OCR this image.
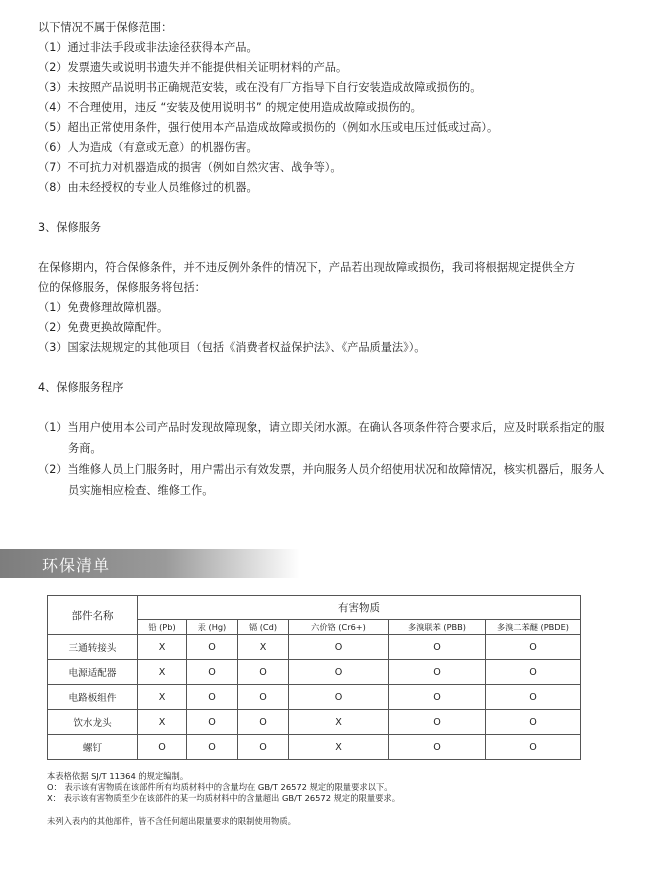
以下情况不属于保修范围：
（1）通过非法手段或非法途径获得本产品。
（2）发票遗失或说明书遗失并不能提供相关证明材料的产品。
（3）未按照产品说明书正确规范安装，或在没有厂方指导下自行安装造成故障或损伤的。
（4）不合理使用，违反 “安装及使用说明书” 的规定使用造成故障或损伤的。
（5）超出正常使用条件，强行使用本产品造成故障或损伤的（例如水压或电压过低或过高）。
（6）人为造成（有意或无意）的机器伤害。
（7）不可抗力对机器造成的损害（例如自然灾害、战争等）。
（8）由未经授权的专业人员维修过的机器。
3、保修服务
在保修期内，符合保修条件，并不违反例外条件的情况下，产品若出现故障或损伤，我司将根据规定提供全方
位的保修服务，保修服务将包括：
（1）免费修理故障机器。
（2）免费更换故障配件。
（3）国家法规规定的其他项目（包括《消费者权益保护法》、《产品质量法》）。
4、保修服务程序
（1）当用户使用本公司产品时发现故障现象，请立即关闭水源。在确认各项条件符合要求后，应及时联系指定的服务商。
（2）当维修人员上门服务时，用户需出示有效发票，并向服务人员介绍使用状况和故障情况，核实机器后，服务人员实施相应检查、维修工作。
环保清单
部件名称	有害物质					
	铅 (Pb)	汞 (Hg)	镉 (Cd)	六价铬 (Cr6+)	多溴联苯 (PBB)	多溴二苯醚 (PBDE)
三通转接头	X	O	X	O	O	O
电源适配器	X	O	O	O	O	O
电路板组件	X	O	O	O	O	O
饮水龙头	X	O	O	X	O	O
螺钉	O	O	O	X	O	O
本表格依据 SJ/T 11364 的规定编制。
O： 表示该有害物质在该部件所有均质材料中的含量均在 GB/T 26572 规定的限量要求以下。
X： 表示该有害物质至少在该部件的某一均质材料中的含量超出 GB/T 26572 规定的限量要求。
未列入表内的其他部件，皆不含任何超出限量要求的限制使用物质。
